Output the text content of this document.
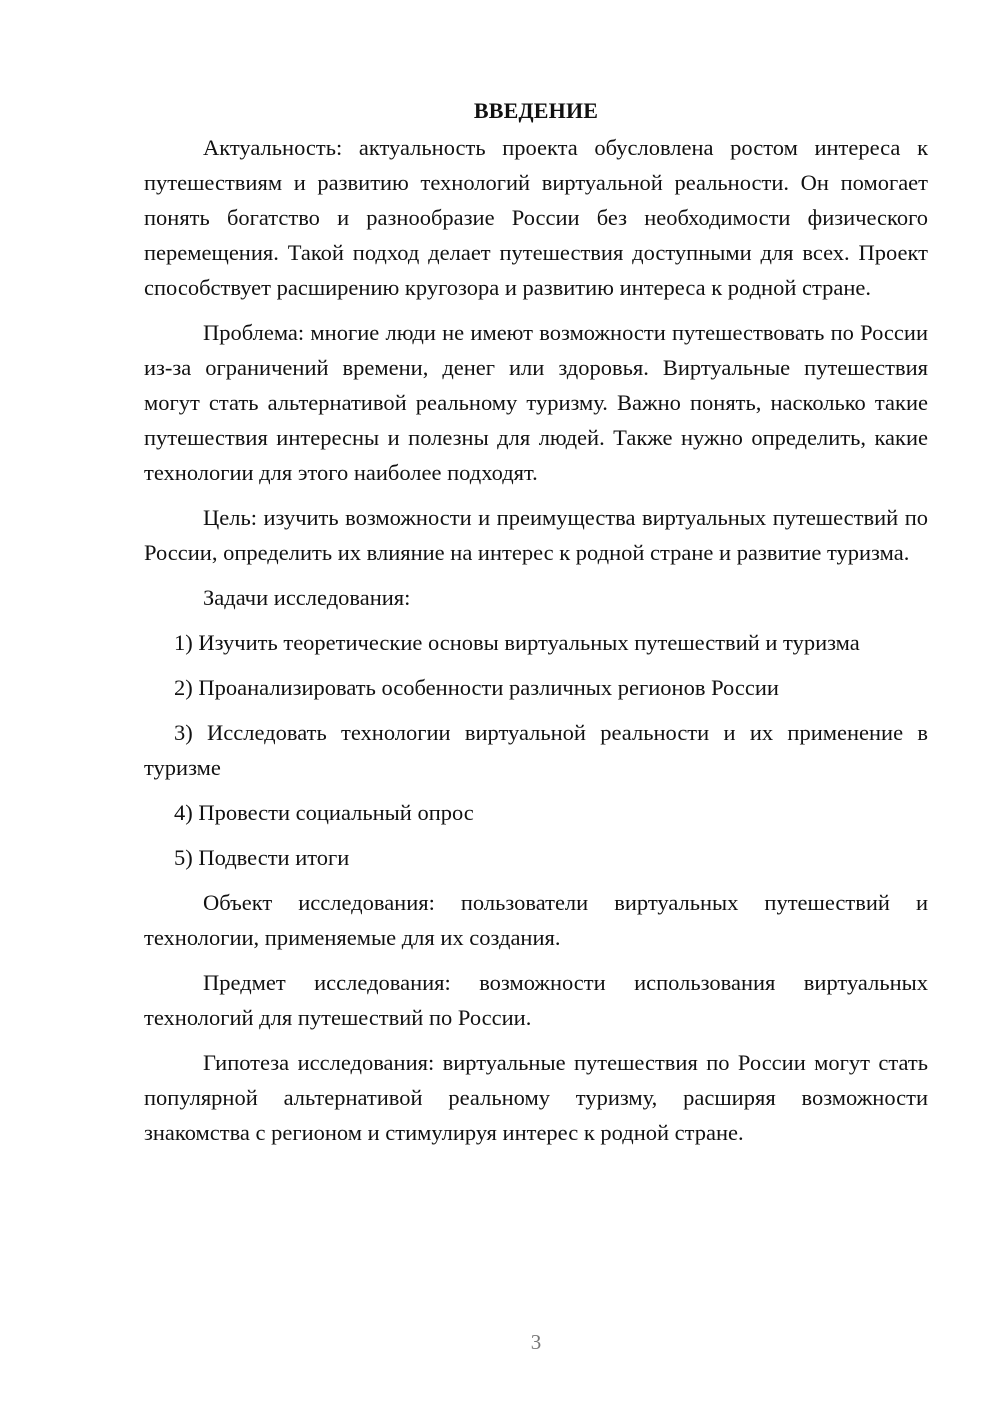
ВВЕДЕНИЕ

Актуальность: актуальность проекта обусловлена ростом интереса к путешествиям и развитию технологий виртуальной реальности. Он помогает понять богатство и разнообразие России без необходимости физического перемещения. Такой подход делает путешествия доступными для всех. Проект способствует расширению кругозора и развитию интереса к родной стране.

Проблема: многие люди не имеют возможности путешествовать по России из-за ограничений времени, денег или здоровья. Виртуальные путешествия могут стать альтернативой реальному туризму. Важно понять, насколько такие путешествия интересны и полезны для людей. Также нужно определить, какие технологии для этого наиболее подходят.

Цель: изучить возможности и преимущества виртуальных путешествий по России, определить их влияние на интерес к родной стране и развитие туризма.

Задачи исследования:

1) Изучить теоретические основы виртуальных путешествий и туризма

2) Проанализировать особенности различных регионов России

3) Исследовать технологии виртуальной реальности и их применение в туризме

4) Провести социальный опрос

5) Подвести итоги

Объект исследования: пользователи виртуальных путешествий и технологии, применяемые для их создания.

Предмет исследования: возможности использования виртуальных технологий для путешествий по России.

Гипотеза исследования: виртуальные путешествия по России могут стать популярной альтернативой реальному туризму, расширяя возможности знакомства с регионом и стимулируя интерес к родной стране.

3
